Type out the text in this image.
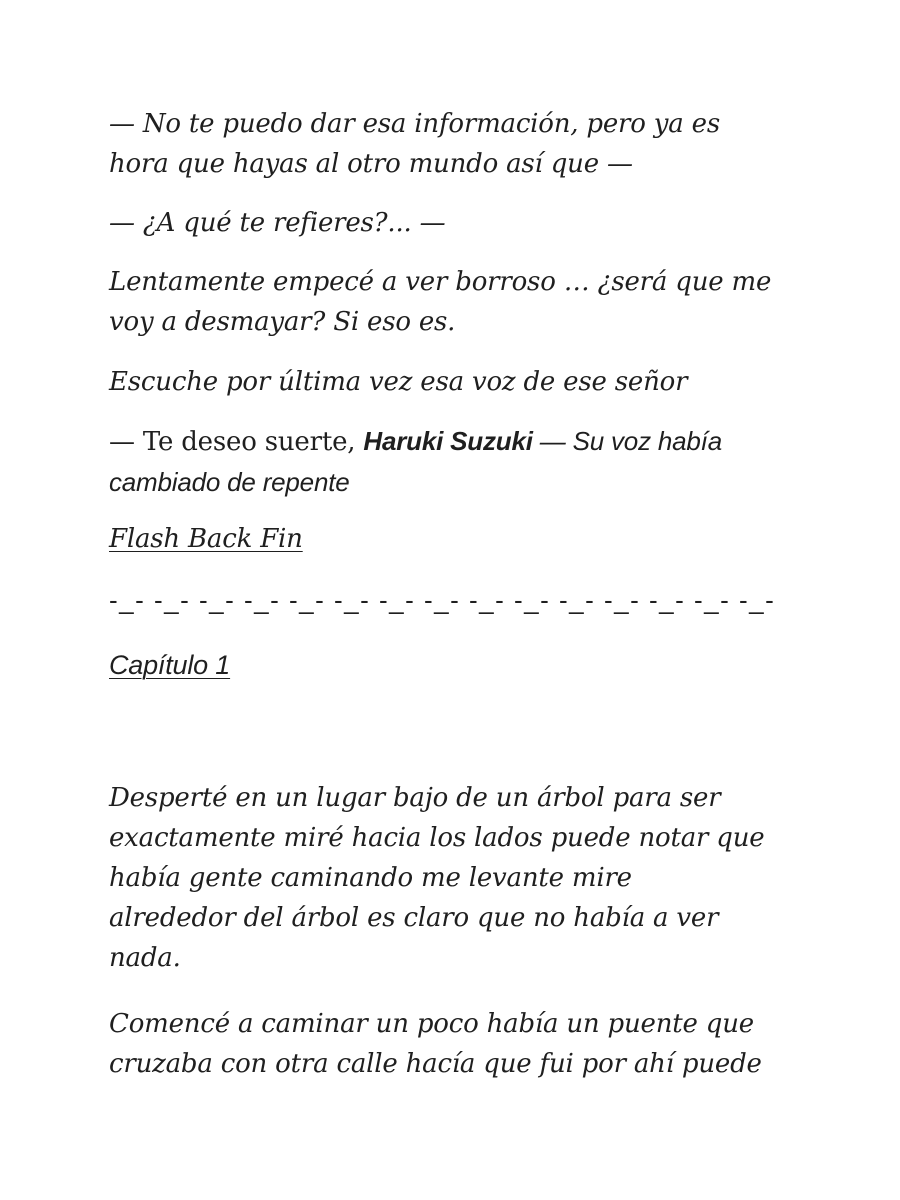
— No te puedo dar esa información, pero ya es
hora que hayas al otro mundo así que —

— ¿A qué te refieres?... —

Lentamente empecé a ver borroso … ¿será que me
voy a desmayar? Si eso es.

Escuche por última vez esa voz de ese señor

— Te deseo suerte, Haruki Suzuki — Su voz había
cambiado de repente

Flash Back Fin

-_- -_- -_- -_- -_- -_- -_- -_- -_- -_- -_- -_- -_- -_- -_-

Capítulo 1

Desperté en un lugar bajo de un árbol para ser
exactamente miré hacia los lados puede notar que
había gente caminando me levante mire
alrededor del árbol es claro que no había a ver
nada.

Comencé a caminar un poco había un puente que
cruzaba con otra calle hacía que fui por ahí puede
